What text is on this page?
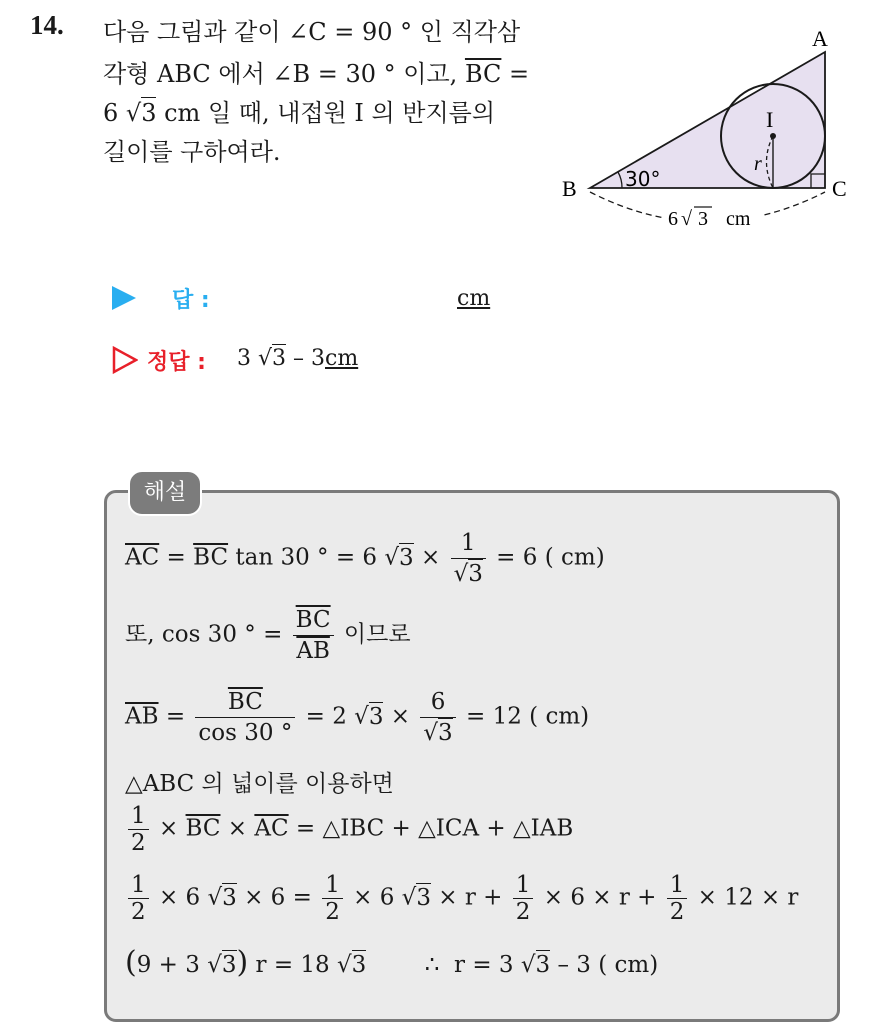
14. 다음 그림과 같이 ∠C = 90 ° 인 직각삼
각형 ABC 에서 ∠B = 30 ° 이고, $\overline{BC}$ =
6 √3 cm 일 때, 내접원 I 의 반지름의
길이를 구하여라.
A
B	C
I
r
30°
6 √ 3 cm
답 :	cm
정답 : 3 √3 – 3cm
해설
$\overline{AC} = \overline{BC}$ tan 30 ° = 6 $√3 \times \frac{1}{√3} = 6$ ( cm)
또, cos 30 ° = $\frac{\overline{BC}}{AB}$ 이므로
$\overline{AB} = \frac{\overline{BC}}{\cos 30 ^\circ} = 2$ $√3 \times \frac{6}{√3} = 12$ ( cm)
△ABC 의 넓이를 이용하면
$\frac{1}{2} \times \overline{BC} \times \overline{AC}$ = △IBC + △ICA + △IAB
$\frac{1}{2} \times 6$ $√3 \times 6 = \frac{1}{2} \times 6$ $√3 \times r + \frac{1}{2} \times 6 \times r + \frac{1}{2} \times 12 \times r$
(9 + 3 √3) r = 18 √3        ∴  r = 3 √3 – 3 ( cm)
